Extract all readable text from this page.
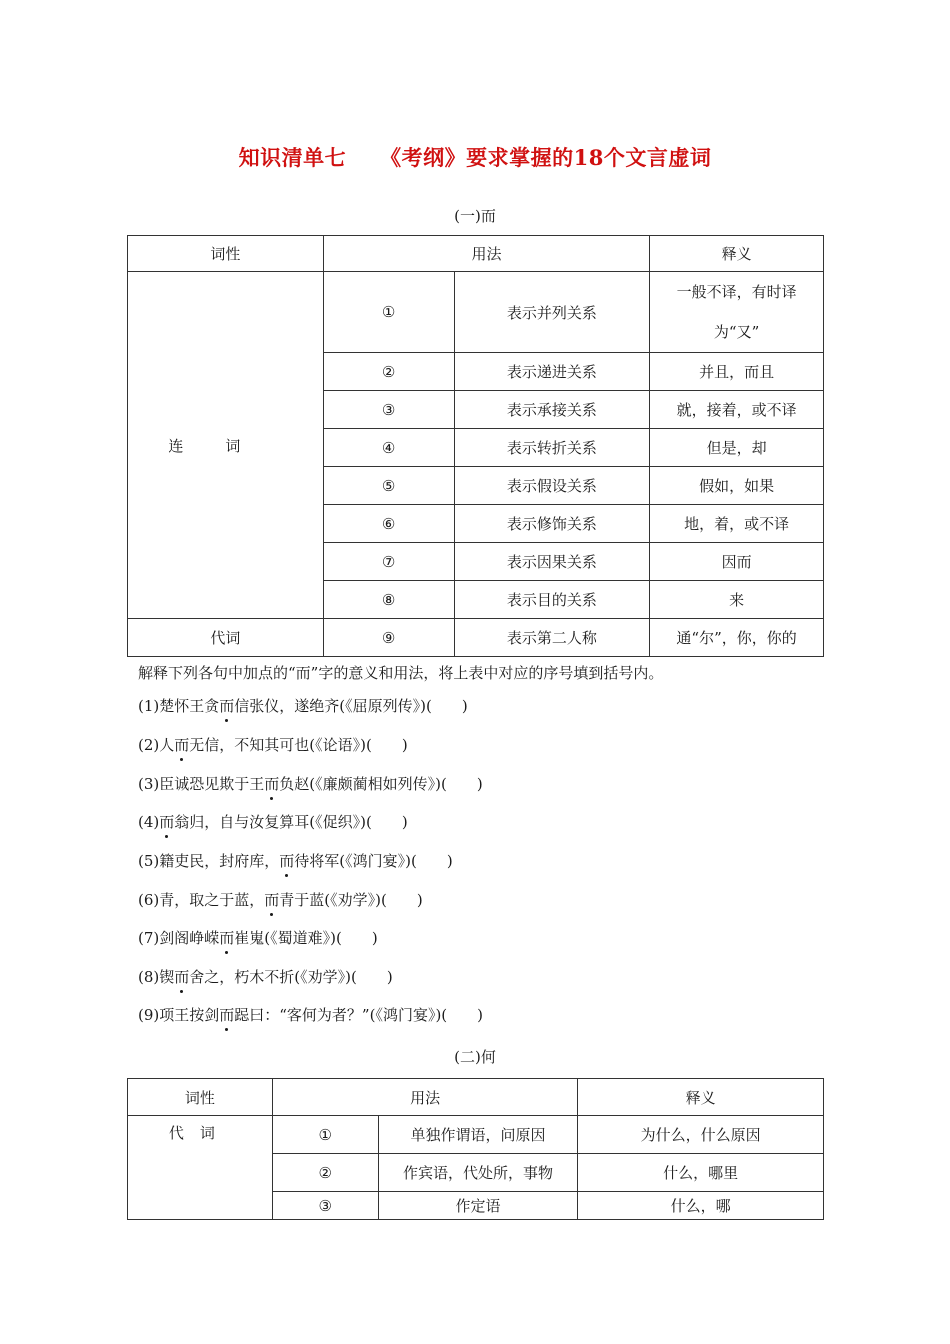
知识清单七 《考纲》要求掌握的18个文言虚词
(一)而
词性	用法		释义
连词	①	表示并列关系	一般不译，有时译为“又”
	②	表示递进关系	并且，而且
	③	表示承接关系	就，接着，或不译
	④	表示转折关系	但是，却
	⑤	表示假设关系	假如，如果
	⑥	表示修饰关系	地，着，或不译
	⑦	表示因果关系	因而
	⑧	表示目的关系	来
代词	⑨	表示第二人称	通“尔”，你，你的
解释下列各句中加点的“而”字的意义和用法，将上表中对应的序号填到括号内。
(1)楚怀王贪而信张仪，遂绝齐(《屈原列传》)(　　)
(2)人而无信，不知其可也(《论语》)(　　)
(3)臣诚恐见欺于王而负赵(《廉颇蔺相如列传》)(　　)
(4)而翁归，自与汝复算耳(《促织》)(　　)
(5)籍吏民，封府库，而待将军(《鸿门宴》)(　　)
(6)青，取之于蓝，而青于蓝(《劝学》)(　　)
(7)剑阁峥嵘而崔嵬(《蜀道难》)(　　)
(8)锲而舍之，朽木不折(《劝学》)(　　)
(9)项王按剑而跽曰：“客何为者？”(《鸿门宴》)(　　)
(二)何
词性	用法		释义
代词	①	单独作谓语，问原因	为什么，什么原因
	②	作宾语，代处所，事物	什么，哪里
	③	作定语	什么，哪
